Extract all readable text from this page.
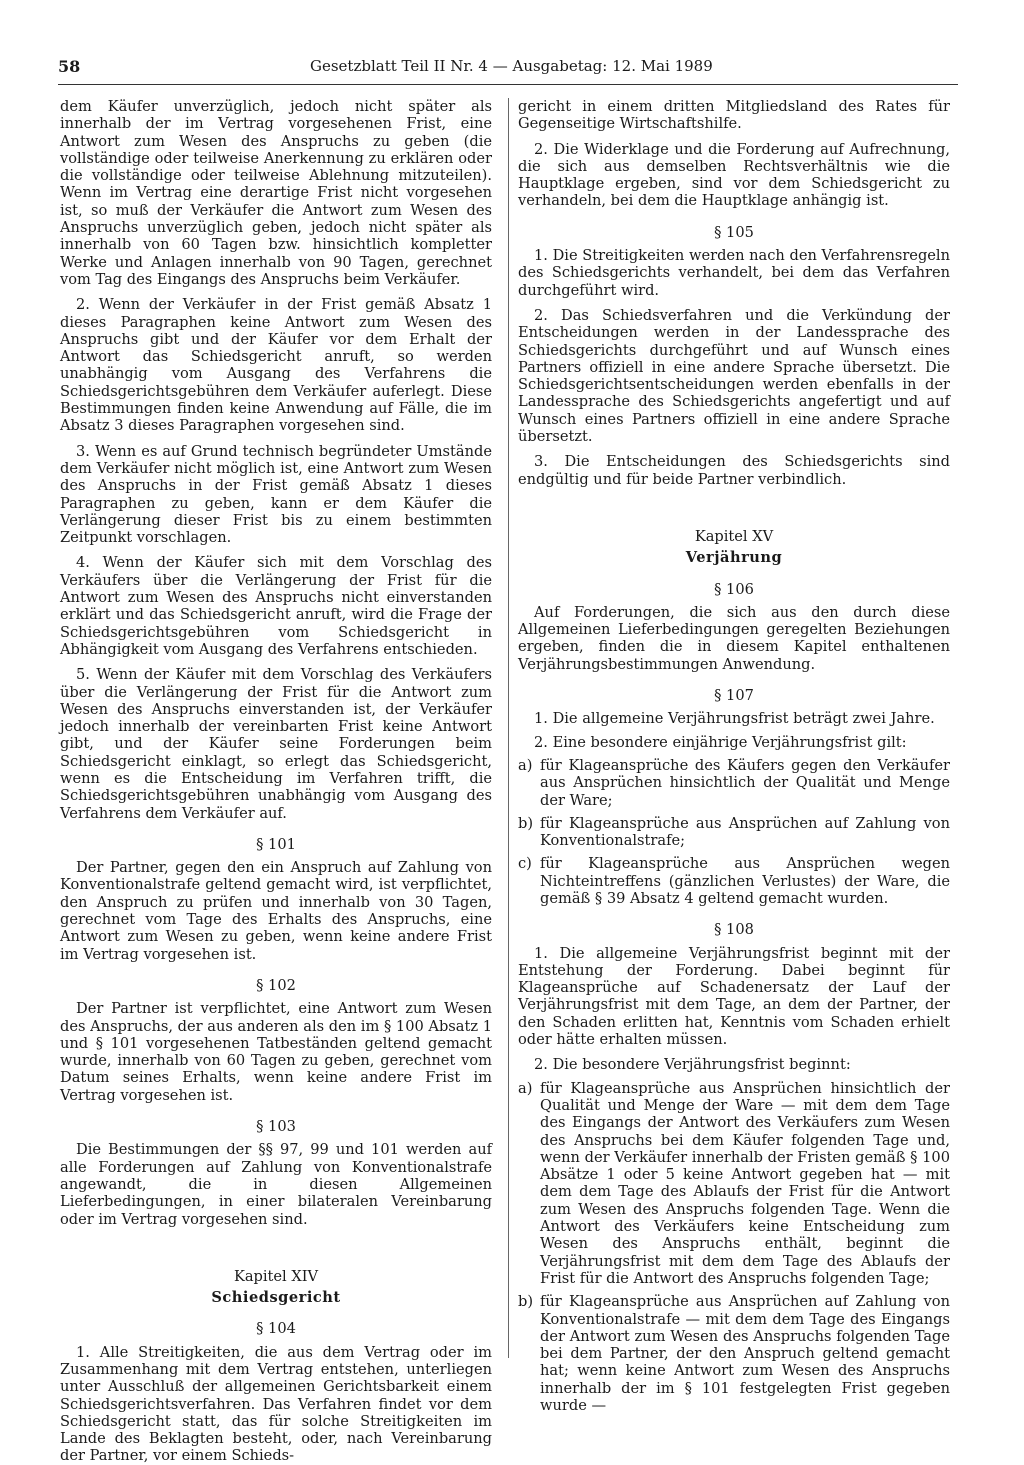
58	Gesetzblatt Teil II Nr. 4 — Ausgabetag: 12. Mai 1989

dem Käufer unverzüglich, jedoch nicht später als innerhalb der im Vertrag vorgesehenen Frist, eine Antwort zum Wesen des Anspruchs zu geben (die vollständige oder teilweise Anerkennung zu erklären oder die vollständige oder teilweise Ablehnung mitzuteilen). Wenn im Vertrag eine derartige Frist nicht vorgesehen ist, so muß der Verkäufer die Antwort zum Wesen des Anspruchs unverzüglich geben, jedoch nicht später als innerhalb von 60 Tagen bzw. hinsichtlich kompletter Werke und Anlagen innerhalb von 90 Tagen, gerechnet vom Tag des Eingangs des Anspruchs beim Verkäufer.

2. Wenn der Verkäufer in der Frist gemäß Absatz 1 dieses Paragraphen keine Antwort zum Wesen des Anspruchs gibt und der Käufer vor dem Erhalt der Antwort das Schiedsgericht anruft, so werden unabhängig vom Ausgang des Verfahrens die Schiedsgerichtsgebühren dem Verkäufer auferlegt. Diese Bestimmungen finden keine Anwendung auf Fälle, die im Absatz 3 dieses Paragraphen vorgesehen sind.

3. Wenn es auf Grund technisch begründeter Umstände dem Verkäufer nicht möglich ist, eine Antwort zum Wesen des Anspruchs in der Frist gemäß Absatz 1 dieses Paragraphen zu geben, kann er dem Käufer die Verlängerung dieser Frist bis zu einem bestimmten Zeitpunkt vorschlagen.

4. Wenn der Käufer sich mit dem Vorschlag des Verkäufers über die Verlängerung der Frist für die Antwort zum Wesen des Anspruchs nicht einverstanden erklärt und das Schiedsgericht anruft, wird die Frage der Schiedsgerichtsgebühren vom Schiedsgericht in Abhängigkeit vom Ausgang des Verfahrens entschieden.

5. Wenn der Käufer mit dem Vorschlag des Verkäufers über die Verlängerung der Frist für die Antwort zum Wesen des Anspruchs einverstanden ist, der Verkäufer jedoch innerhalb der vereinbarten Frist keine Antwort gibt, und der Käufer seine Forderungen beim Schiedsgericht einklagt, so erlegt das Schiedsgericht, wenn es die Entscheidung im Verfahren trifft, die Schiedsgerichtsgebühren unabhängig vom Ausgang des Verfahrens dem Verkäufer auf.

§ 101

Der Partner, gegen den ein Anspruch auf Zahlung von Konventionalstrafe geltend gemacht wird, ist verpflichtet, den Anspruch zu prüfen und innerhalb von 30 Tagen, gerechnet vom Tage des Erhalts des Anspruchs, eine Antwort zum Wesen zu geben, wenn keine andere Frist im Vertrag vorgesehen ist.

§ 102

Der Partner ist verpflichtet, eine Antwort zum Wesen des Anspruchs, der aus anderen als den im § 100 Absatz 1 und § 101 vorgesehenen Tatbeständen geltend gemacht wurde, innerhalb von 60 Tagen zu geben, gerechnet vom Datum seines Erhalts, wenn keine andere Frist im Vertrag vorgesehen ist.

§ 103

Die Bestimmungen der §§ 97, 99 und 101 werden auf alle Forderungen auf Zahlung von Konventionalstrafe angewandt, die in diesen Allgemeinen Lieferbedingungen, in einer bilateralen Vereinbarung oder im Vertrag vorgesehen sind.

Kapitel XIV
Schiedsgericht
§ 104

1. Alle Streitigkeiten, die aus dem Vertrag oder im Zusammenhang mit dem Vertrag entstehen, unterliegen unter Ausschluß der allgemeinen Gerichtsbarkeit einem Schiedsgerichtsverfahren. Das Verfahren findet vor dem Schiedsgericht statt, das für solche Streitigkeiten im Lande des Beklagten besteht, oder, nach Vereinbarung der Partner, vor einem Schieds-

gericht in einem dritten Mitgliedsland des Rates für Gegenseitige Wirtschaftshilfe.

2. Die Widerklage und die Forderung auf Aufrechnung, die sich aus demselben Rechtsverhältnis wie die Hauptklage ergeben, sind vor dem Schiedsgericht zu verhandeln, bei dem die Hauptklage anhängig ist.

§ 105

1. Die Streitigkeiten werden nach den Verfahrensregeln des Schiedsgerichts verhandelt, bei dem das Verfahren durchgeführt wird.

2. Das Schiedsverfahren und die Verkündung der Entscheidungen werden in der Landessprache des Schiedsgerichts durchgeführt und auf Wunsch eines Partners offiziell in eine andere Sprache übersetzt. Die Schiedsgerichtsentscheidungen werden ebenfalls in der Landessprache des Schiedsgerichts angefertigt und auf Wunsch eines Partners offiziell in eine andere Sprache übersetzt.

3. Die Entscheidungen des Schiedsgerichts sind endgültig und für beide Partner verbindlich.

Kapitel XV
Verjährung
§ 106

Auf Forderungen, die sich aus den durch diese Allgemeinen Lieferbedingungen geregelten Beziehungen ergeben, finden die in diesem Kapitel enthaltenen Verjährungsbestimmungen Anwendung.

§ 107

1. Die allgemeine Verjährungsfrist beträgt zwei Jahre.

2. Eine besondere einjährige Verjährungsfrist gilt:

a) für Klageansprüche des Käufers gegen den Verkäufer aus Ansprüchen hinsichtlich der Qualität und Menge der Ware;
b) für Klageansprüche aus Ansprüchen auf Zahlung von Konventionalstrafe;
c) für Klageansprüche aus Ansprüchen wegen Nichteintreffens (gänzlichen Verlustes) der Ware, die gemäß § 39 Absatz 4 geltend gemacht wurden.
§ 108

1. Die allgemeine Verjährungsfrist beginnt mit der Entstehung der Forderung. Dabei beginnt für Klageansprüche auf Schadenersatz der Lauf der Verjährungsfrist mit dem Tage, an dem der Partner, der den Schaden erlitten hat, Kenntnis vom Schaden erhielt oder hätte erhalten müssen.

2. Die besondere Verjährungsfrist beginnt:

a) für Klageansprüche aus Ansprüchen hinsichtlich der Qualität und Menge der Ware — mit dem dem Tage des Eingangs der Antwort des Verkäufers zum Wesen des Anspruchs bei dem Käufer folgenden Tage und, wenn der Verkäufer innerhalb der Fristen gemäß § 100 Absätze 1 oder 5 keine Antwort gegeben hat — mit dem dem Tage des Ablaufs der Frist für die Antwort zum Wesen des Anspruchs folgenden Tage. Wenn die Antwort des Verkäufers keine Entscheidung zum Wesen des Anspruchs enthält, beginnt die Verjährungsfrist mit dem dem Tage des Ablaufs der Frist für die Antwort des Anspruchs folgenden Tage;
b) für Klageansprüche aus Ansprüchen auf Zahlung von Konventionalstrafe — mit dem dem Tage des Eingangs der Antwort zum Wesen des Anspruchs folgenden Tage bei dem Partner, der den Anspruch geltend gemacht hat; wenn keine Antwort zum Wesen des Anspruchs innerhalb der im § 101 festgelegten Frist gegeben wurde —
